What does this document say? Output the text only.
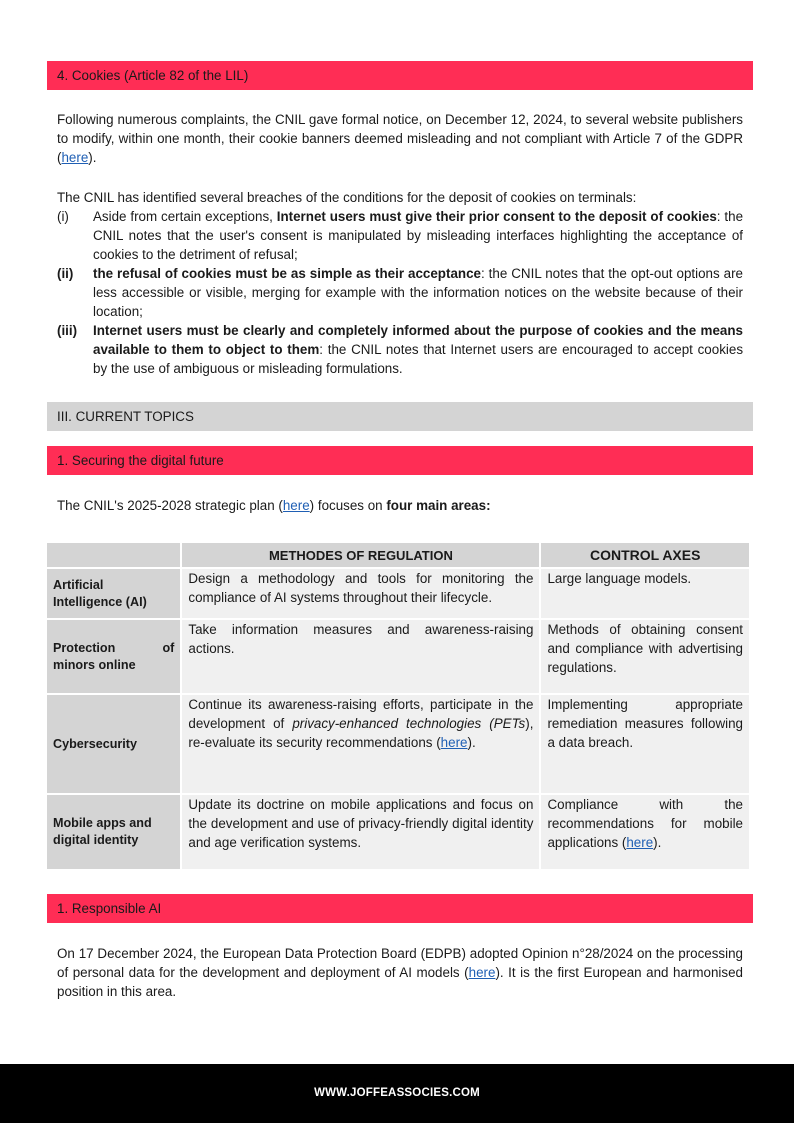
4. Cookies (Article 82 of the LIL)

Following numerous complaints, the CNIL gave formal notice, on December 12, 2024, to several website publishers to modify, within one month, their cookie banners deemed misleading and not compliant with Article 7 of the GDPR (here).

The CNIL has identified several breaches of the conditions for the deposit of cookies on terminals:

(i)	Aside from certain exceptions, Internet users must give their prior consent to the deposit of cookies: the CNIL notes that the user's consent is manipulated by misleading interfaces highlighting the acceptance of cookies to the detriment of refusal;
(ii)	the refusal of cookies must be as simple as their acceptance: the CNIL notes that the opt-out options are less accessible or visible, merging for example with the information notices on the website because of their location;
(iii)	Internet users must be clearly and completely informed about the purpose of cookies and the means available to them to object to them: the CNIL notes that Internet users are encouraged to accept cookies by the use of ambiguous or misleading formulations.
III. CURRENT TOPICS
1. Securing the digital future

The CNIL's 2025-2028 strategic plan (here) focuses on four main areas:

	METHODES OF REGULATION	CONTROL AXES
Artificial Intelligence (AI)	Design a methodology and tools for monitoring the compliance of AI systems throughout their lifecycle.	Large language models.
Protection of minors online	Take information measures and awareness-raising actions.	Methods of obtaining consent and compliance with advertising regulations.
Cybersecurity	Continue its awareness-raising efforts, participate in the development of privacy-enhanced technologies (PETs), re-evaluate its security recommendations (here).	Implementing appropriate remediation measures following a data breach.
Mobile apps and digital identity	Update its doctrine on mobile applications and focus on the development and use of privacy-friendly digital identity and age verification systems.	Compliance with the recommendations for mobile applications (here).
1. Responsible AI

On 17 December 2024, the European Data Protection Board (EDPB) adopted Opinion n°28/2024 on the processing of personal data for the development and deployment of AI models (here). It is the first European and harmonised position in this area.

WWW.JOFFEASSOCIES.COM
